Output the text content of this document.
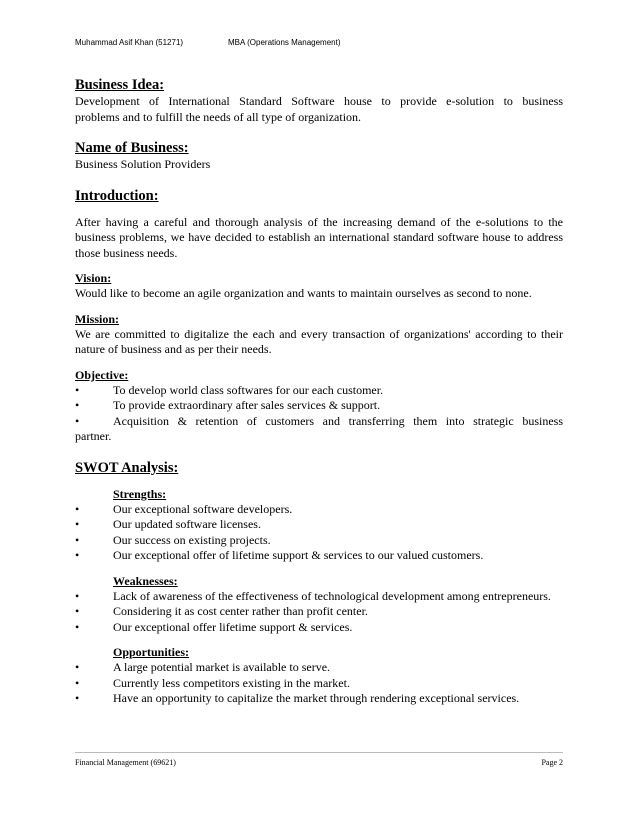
Muhammad Asif Khan (51271)	MBA (Operations Management)
Business Idea:

Development of International Standard Software house to provide e-solution to business

problems and to fulfill the needs of all type of organization.

Name of Business:

Business Solution Providers

Introduction:

After having a careful and thorough analysis of the increasing demand of the e-solutions to the business problems, we have decided to establish an international standard software house to address those business needs.

Vision:

Would like to become an agile organization and wants to maintain ourselves as second to none.

Mission:

We are committed to digitalize the each and every transaction of organizations' according to their nature of business and as per their needs.

Objective:
•	To develop world class softwares for our each customer.
•	To provide extraordinary after sales services & support.
•	Acquisition & retention of customers and transferring them into strategic business

partner.

SWOT Analysis:
Strengths:
•	Our exceptional software developers.
•	Our updated software licenses.
•	Our success on existing projects.
•	Our exceptional offer of lifetime support & services to our valued customers.
Weaknesses:
•	Lack of awareness of the effectiveness of technological development among entrepreneurs.
•	Considering it as cost center rather than profit center.
•	Our exceptional offer lifetime support & services.
Opportunities:
•	A large potential market is available to serve.
•	Currently less competitors existing in the market.
•	Have an opportunity to capitalize the market through rendering exceptional services.
Financial Management (69621)	Page 2
